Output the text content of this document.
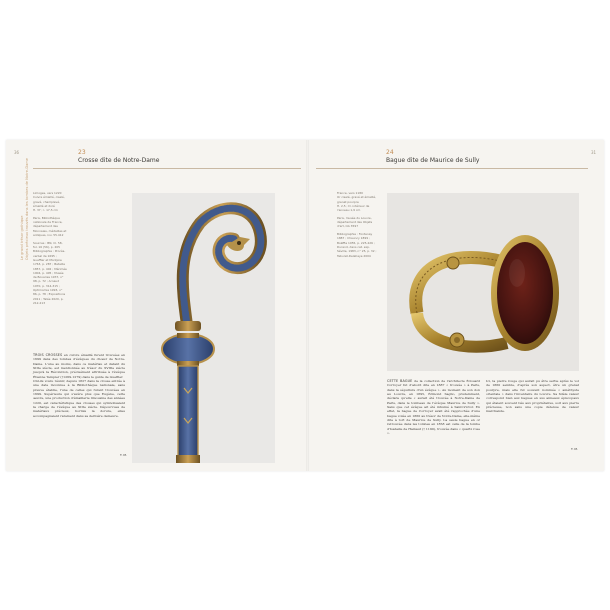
36
Le grand trésor gothique Objets précieux trouvés dans les tombes de Notre-Dame
23
Crosse dite de Notre-Dame

Limoges, vers 1220
Cuivre émaillé, ciselé, gravé, champlevé, émaillé et doré
H. 37 ; l. 17,5 cm

Paris, Bibliothèque nationale de France, département des Monnaies, médailles et antiques, inv. 55.412

Sources : BN, Cl. 58, fol. 16 (56), p. 205
Bibliographie : Procès-verbal de 1695 ; Gueffier et Montjoie 1763, p. 287 ; Bataille 1857, p. 402 ; Mérimée 1904, p. 405 ; Musée de Bovaries 1937, n° 98, p. 72 ; Arnaud 1970, p. 314-315 ; Optimomia 1993, n° 86, p. 78 ; Expositions 2011 ; Taïée 2020, p. 212-213

TROIS CROSSES en cuivre émaillé furent trouvées en 1699 dans des tombes d'évêques du chœur de Notre-Dame. L'une au moins, dans ce matériau et datant du XIIIe siècle, est mentionnée au trésor du XVIIIe siècle jusqu'à la Révolution, précisément attribuée à l'évêque Étienne Tempier (†1269-1279) dans le guide de Gueffier.

Ont-ils voulu réunir, depuis 1827 dans la crosse entrée à une date inconnue à la Bibliothèque nationale, sans preuve établie, l'une de celles qui furent trouvées en 1699. Supérieure qui s'avère plus que Eugène, cette œuvre, une production d'émaillerie limousine des années 1220, est caractéristique des crosses qui symbolisaient la charge de l'évêque au XIIIe siècle. Dépourvues de matériaux précieux, hormis la dorure, elles accompagnaient rarement dans sa dernière demeure.

T. M.
31
24
Bague dite de Maurice de Sully

France, vers 1180
Or ciselé, gravé et émaillé, grenat pourpre
H. 2,5 ; D. intérieur de l'anneau 1,9 cm

Paris, musée du Louvre, département des Objets d'art, OA 3597

Bibliographie : Fontenay 1887 ; Chauncy 1899 ; Boëffle 1955, p. 225-226 ; Durand, dans cat. exp. Séville, 1983, n° 25, p. 32 ; Taburet-Delahaye 2004

CETTE BAGUE de la collection de l'architecte Édouard Corroyer fut d'abord dite en 1887 « trouvée » à Paris, dans la sépulture d'un évêque ». Au moment de son don au Louvre, en 1895, Édmond Saglio, prudemment, déclara qu'elle « aurait été trouvée à Notre-Dame de Paris, dans le tombeau de l'évêque Maurice de Sully ». Sans que cet évêque ait été inhumé à Saint-Victor. En effet, la bague de Corroyer avait été rapprochée d'une bague volée en 1860 au trésor de Notre-Dame, elle-même dite à tort de Maurice de Sully. La seule bague en or retrouvée dans les tombes en 1858 est celle de la tombe d'Isabelle de Hainaut († 1190), trouvée dans « quartz rose ».

Ici, la pierre rouge qui aurait pu être sertie après le vol de 1860 semble, d'après son aspect, être un grenat pourpre, mais elle fut souvent nommée « améthyste orientale » dans l'inventaire du Louvre. Sa fidèle valeur correspond bien aux bagues en sus anneaux épiscopaux qui étaient souvent liés aux propriétaires, soit aux pierre précieuse, non sans une copie détenue de valeur marchande.

T. M.
